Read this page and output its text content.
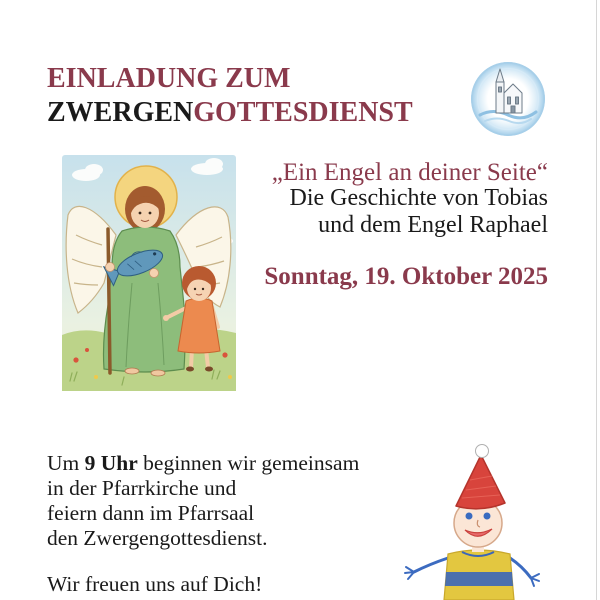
EINLADUNG ZUM
ZWERGENGOTTESDIENST
„Ein Engel an deiner Seite“
Die Geschichte von Tobias
und dem Engel Raphael
Sonntag, 19. Oktober 2025
Um 9 Uhr beginnen wir gemeinsam
in der Pfarrkirche und
feiern dann im Pfarrsaal
den Zwergengottesdienst.
Wir freuen uns auf Dich!
